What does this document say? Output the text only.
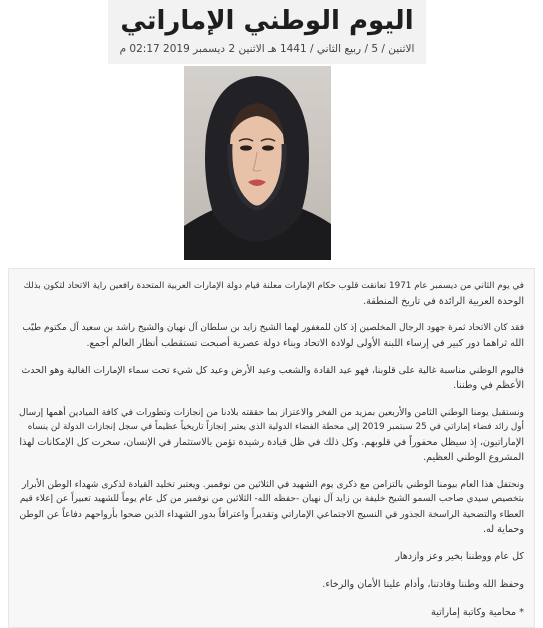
اليوم الوطني الإماراتي
الاثنين / 5 / ربيع الثاني / 1441 هـ الاثنين 2 ديسمبر 2019 02:17 م
في يوم الثاني من ديسمبر عام 1971 تعانقت قلوب حكام الإمارات معلنة قيام دولة الإمارات العربية المتحدة رافعين راية الاتحاد لتكون بذلك
الوحدة العربية الرائدة في تاريخ المنطقة.
فقد كان الاتحاد ثمرة جهود الرجال المخلصين إذ كان للمغفور لهما الشيخ زايد بن سلطان آل نهيان والشيخ راشد بن سعيد آل مكتوم طيّب
الله ثراهما دور كبير في إرساء اللبنة الأولى لولادة الاتحاد وبناء دولة عصرية أصبحت تستقطب أنظار العالم أجمع.
فاليوم الوطني مناسبة غالية على قلوبنا، فهو عيد القادة والشعب وعيد الأرض وعيد كل شيء تحت سماء الإمارات الغالية وهو الحدث
الأعظم في وطننا.
ونستقبل يومنا الوطني الثامن والأربعين بمزيد من الفخر والاعتزاز بما حققته بلادنا من إنجازات وتطورات في كافة الميادين أهمها إرسال
أول رائد فضاء إماراتي في 25 سبتمبر 2019 إلى محطة الفضاء الدولية الذي يعتبر إنجازاً تاريخياً عظيماً في سجل إنجازات الدولة لن ينساه
الإماراتيون، إذ سيظل محفوراً في قلوبهم. وكل ذلك في ظل قيادة رشيدة تؤمن بالاستثمار في الإنسان، سخرت كل الإمكانات لهذا
المشروع الوطني العظيم.
ونحتفل هذا العام بيومنا الوطني بالتزامن مع ذكرى يوم الشهيد في الثلاثين من نوفمبر. ويعتبر تخليد القيادة لذكرى شهداء الوطن الأبرار
بتخصيص سيدي صاحب السمو الشيخ خليفة بن زايد آل نهيان -حفظه الله- الثلاثين من نوفمبر من كل عام يوماً للشهيد تعبيراً عن إعلاء قيم
العطاء والتضحية الراسخة الجذور في النسيج الاجتماعي الإماراتي وتقديراً واعترافاً بدور الشهداء الذين ضحوا بأرواحهم دفاعاً عن الوطن
وحماية له.
كل عام ووطننا بخير وعز وازدهار
وحفظ الله وطننا وقادتنا، وأدام علينا الأمان والرخاء.
* محامية وكاتبة إماراتية
